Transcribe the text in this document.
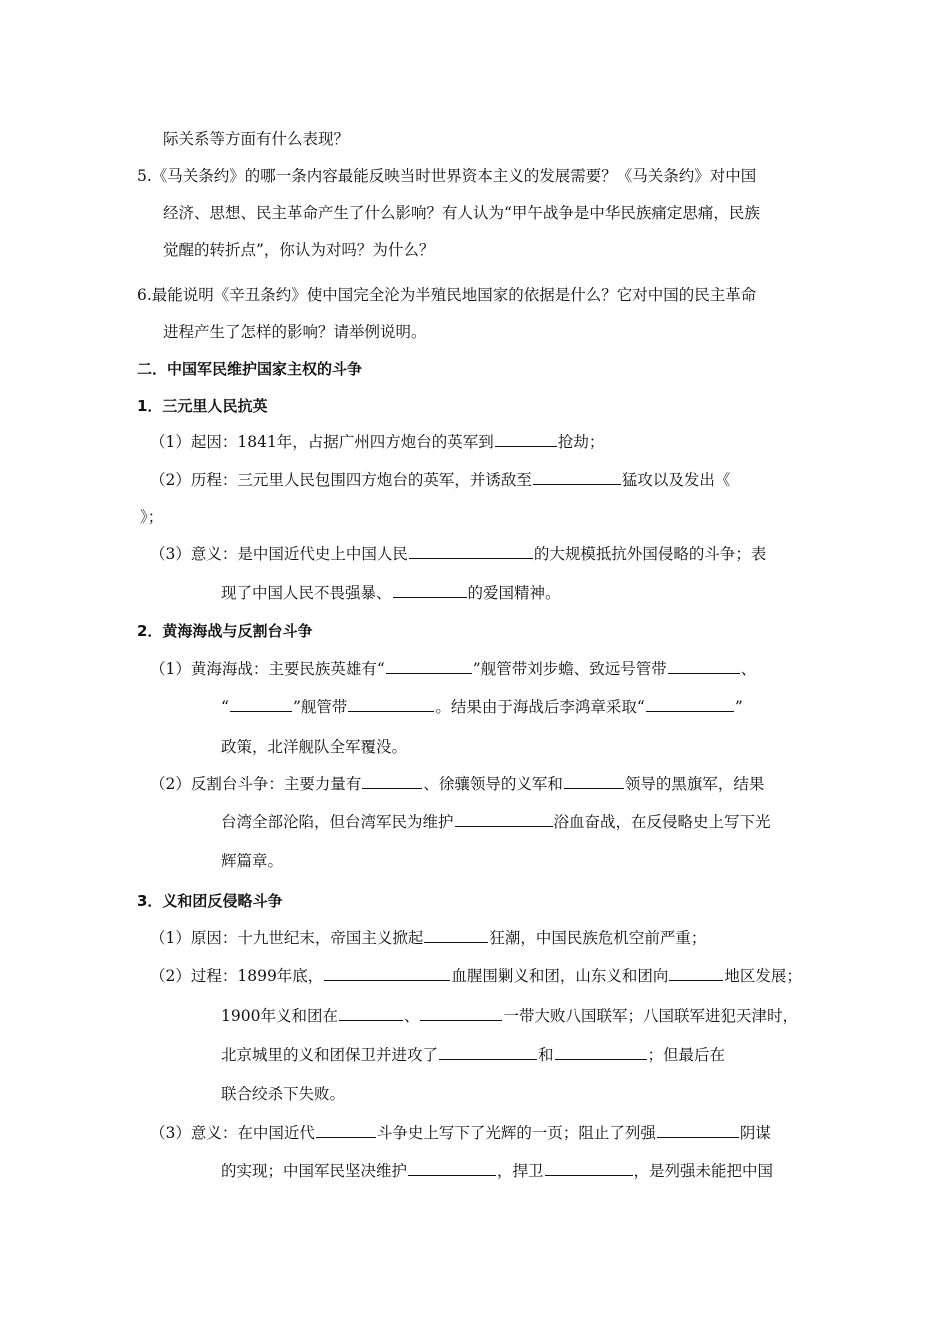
际关系等方面有什么表现？
5.《马关条约》的哪一条内容最能反映当时世界资本主义的发展需要？《马关条约》对中国
经济、思想、民主革命产生了什么影响？有人认为“甲午战争是中华民族痛定思痛，民族
觉醒的转折点”，你认为对吗？为什么？
6.最能说明《辛丑条约》使中国完全沦为半殖民地国家的依据是什么？它对中国的民主革命
进程产生了怎样的影响？请举例说明。
二．中国军民维护国家主权的斗争
1．三元里人民抗英
（1）起因：1841年，占据广州四方炮台的英军到	抢劫；
（2）历程：三元里人民包围四方炮台的英军，并诱敌至	猛攻以及发出《
》；
（3）意义：是中国近代史上中国人民	的大规模抵抗外国侵略的斗争；表
现了中国人民不畏强暴、	的爱国精神。
2．黄海海战与反割台斗争
（1）黄海海战：主要民族英雄有“	”舰管带刘步蟾、致远号管带	、
“	”舰管带	。结果由于海战后李鸿章采取“	”
政策，北洋舰队全军覆没。
（2）反割台斗争：主要力量有	、徐骧领导的义军和	领导的黑旗军，结果
台湾全部沦陷，但台湾军民为维护	浴血奋战，在反侵略史上写下光
辉篇章。
3．义和团反侵略斗争
（1）原因：十九世纪末，帝国主义掀起	狂潮，中国民族危机空前严重；
（2）过程：1899年底，	血腥围剿义和团，山东义和团向	地区发展；
1900年义和团在	、	一带大败八国联军；八国联军进犯天津时，
北京城里的义和团保卫并进攻了	和	；但最后在
联合绞杀下失败。
（3）意义：在中国近代	斗争史上写下了光辉的一页；阻止了列强	阴谋
的实现；中国军民坚决维护	，捍卫	，是列强未能把中国
